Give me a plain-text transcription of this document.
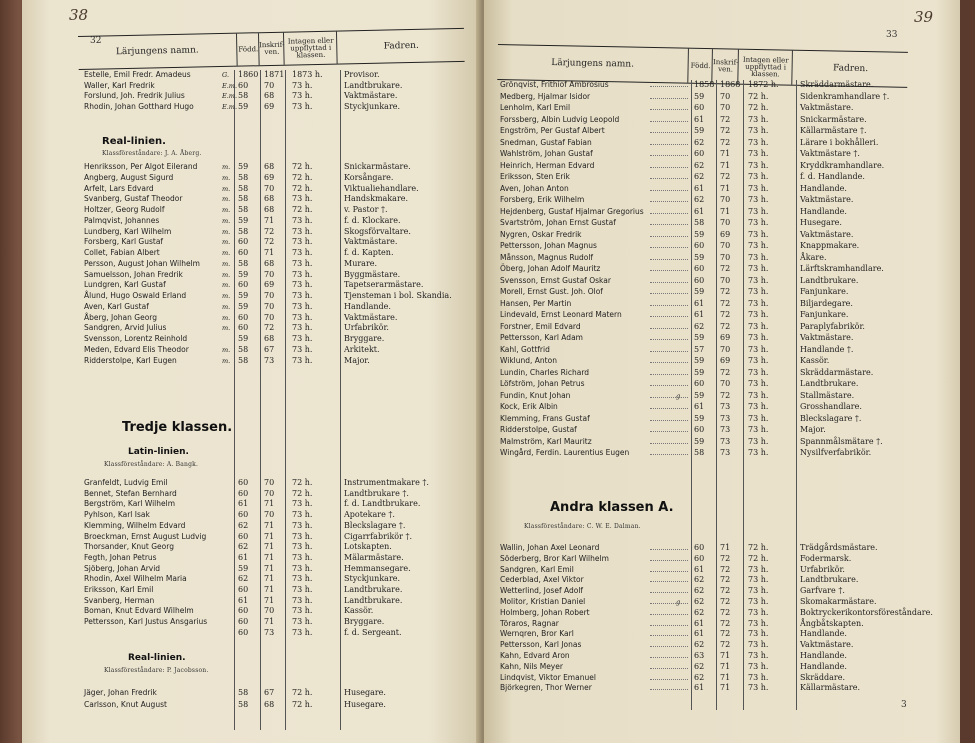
38
32
Lärjungens namn.	Född. Inskrif-ven.
Intagen eller uppflyttad i klassen.
Fadren.
Estelle, Emil Fredr. Amadeus	G. 1860 1871 1873 h.	Provisor.
Waller, Karl Fredrik	E.m. 60 70 73 h.	Landtbrukare.
Forslund, Joh. Fredrik Julius	E.m. 58 68 73 h.	Vaktmästare.
Rhodin, Johan Gotthard Hugo	E.m. 59 69 73 h.	Styckjunkare.
Real-linien.
Klassföreståndare: J. A. Åberg.
Henriksson, Per Algot Eilerand	m. 59 68 72 h.	Snickarmästare.
Angberg, August Sigurd	m. 58 69 72 h.	Korsångare.
Arfelt, Lars Edvard	m. 58 70 72 h.	Viktualiehandlare.
Svanberg, Gustaf Theodor	m. 58 68 73 h.	Handskmakare.
Holtzer, Georg Rudolf	m. 58 68 72 h.	v. Pastor †.
Palmqvist, Johannes	m. 59 71 73 h.	f. d. Klockare.
Lundberg, Karl Wilhelm	m. 58 72 73 h.	Skogsförvaltare.
Forsberg, Karl Gustaf	m. 60 72 73 h.	Vaktmästare.
Collet, Fabian Albert	m. 60 71 73 h.	f. d. Kapten.
Persson, August Johan Wilhelm	m. 58 68 73 h.	Murare.
Samuelsson, Johan Fredrik	m. 59 70 73 h.	Byggmästare.
Lundgren, Karl Gustaf	m. 60 69 73 h.	Tapetserarmästare.
Ålund, Hugo Oswald Erland	m. 59 70 73 h.	Tjensteman i bol. Skandia.
Aven, Karl Gustaf	m. 59 70 73 h.	Handlande.
Åberg, Johan Georg	m. 60 70 73 h.	Vaktmästare.
Sandgren, Arvid Julius	m. 60 72 73 h.	Urfabrikör.
Svensson, Lorentz Reinhold	59 68 73 h.	Bryggare.
Meden, Edvard Elis Theodor	m. 58 67 73 h.	Arkitekt.
Ridderstolpe, Karl Eugen	m. 58 73 73 h.	Major.
Tredje klassen.
Latin-linien.
Klassföreståndare: A. Bangk.
Granfeldt, Ludvig Emil	60 70 72 h.	Instrumentmakare †.
Bennet, Stefan Bernhard	60 70 72 h.	Landtbrukare †.
Bergström, Karl Wilhelm	61 71 73 h.	f. d. Landtbrukare.
Pyhlson, Karl Isak	60 70 73 h.	Apotekare †.
Klemming, Wilhelm Edvard	62 71 73 h.	Bleckslagare †.
Broeckman, Ernst August Ludvig	60 71 73 h.	Cigarrfabrikör †.
Thorsander, Knut Georg	62 71 73 h.	Lotskapten.
Fegth, Johan Petrus	61 71 73 h.	Mälarmästare.
Sjöberg, Johan Arvid	59 71 73 h.	Hemmansegare.
Rhodin, Axel Wilhelm Maria	62 71 73 h.	Styckjunkare.
Eriksson, Karl Emil	60 71 73 h.	Landtbrukare.
Svanberg, Herman	61 71 73 h.	Landtbrukare.
Boman, Knut Edvard Wilhelm	60 70 73 h.	Kassör.
Pettersson, Karl Justus Ansgarius	60 71 73 h.	Bryggare.
60 73 73 h.	f. d. Sergeant.
Real-linien.
Klassföreståndare: P. Jacobsson.
Jäger, Johan Fredrik	58 67 72 h.	Husegare.
Carlsson, Knut August	58 68 72 h.	Husegare.
39
33
Lärjungens namn.	Född. Inskrif-ven.
Intagen eller uppflyttad i klassen.
Fadren.
Grönqvist, Frithiof Ambrosius	1858 1868 1872 h.	Skräddarmästare.
Medberg, Hjalmar Isidor	59 70 72 h.	Sidenkramhandlare †.
Lenholm, Karl Emil	60 70 72 h.	Vaktmästare.
Forssberg, Albin Ludvig Leopold	61 72 73 h.	Snickarmästare.
Engström, Per Gustaf Albert	59 72 73 h.	Källarmästare †.
Snedman, Gustaf Fabian	62 72 73 h.	Lärare i bokhålleri.
Wahlström, Johan Gustaf	60 71 73 h.	Vaktmästare †.
Heinrich, Herman Edvard	62 71 73 h.	Kryddkramhandlare.
Eriksson, Sten Erik	62 72 73 h.	f. d. Handlande.
Aven, Johan Anton	61 71 73 h.	Handlande.
Forsberg, Erik Wilhelm	62 70 73 h.	Vaktmästare.
Hejdenberg, Gustaf Hjalmar Gregorius	61 71 73 h.	Handlande.
Svartström, Johan Ernst Gustaf	58 70 73 h.	Husegare.
Nygren, Oskar Fredrik	59 69 73 h.	Vaktmästare.
Pettersson, Johan Magnus	60 70 73 h.	Knappmakare.
Månsson, Magnus Rudolf	59 70 73 h.	Åkare.
Öberg, Johan Adolf Mauritz	60 72 73 h.	Lärftskramhandlare.
Svensson, Ernst Gustaf Oskar	60 70 73 h.	Landtbrukare.
Morell, Ernst Gust. Joh. Olof	59 72 73 h.	Fanjunkare.
Hansen, Per Martin	61 72 73 h.	Biljardegare.
Lindevald, Ernst Leonard Matern	61 72 73 h.	Fanjunkare.
Forstner, Emil Edvard	62 72 73 h.	Paraplyfabrikör.
Pettersson, Karl Adam	59 69 73 h.	Vaktmästare.
Kahl, Gottfrid	57 70 73 h.	Handlande †.
Wiklund, Anton	59 69 73 h.	Kassör.
Lundin, Charles Richard	59 72 73 h.	Skräddarmästare.
Löfström, Johan Petrus	60 70 73 h.	Landtbrukare.
Fundin, Knut Johan	g. 59 72 73 h.	Stallmästare.
Kock, Erik Albin	61 73 73 h.	Grosshandlare.
Klemming, Frans Gustaf	59 73 73 h.	Bleckslagare †.
Ridderstolpe, Gustaf	60 73 73 h.	Major.
Malmström, Karl Mauritz	59 73 73 h.	Spannmålsmätare †.
Wingård, Ferdin. Laurentius Eugen	58 73 73 h.	Nysilfverfabrikör.
Andra klassen A.
Klassföreståndare: C. W. E. Dalman.
Wallin, Johan Axel Leonard	60 71 72 h.	Trädgårdsmästare.
Söderberg, Bror Karl Wilhelm	60 72 72 h.	Fodermarsk.
Sandgren, Karl Emil	61 72 73 h.	Urfabrikör.
Cederblad, Axel Viktor	62 72 73 h.	Landtbrukare.
Wetterlind, Josef Adolf	62 72 73 h.	Garfvare †.
Molitor, Kristian Daniel	g. 62 72 73 h.	Skomakarmästare.
Holmberg, Johan Robert	62 72 73 h.	Boktryckerikontorsföreståndare.
Töraros, Ragnar	61 72 73 h.	Ångbåtskapten.
Wernqren, Bror Karl	61 72 73 h.	Handlande.
Pettersson, Karl Jonas	62 72 73 h.	Vaktmästare.
Kahn, Edvard Aron	63 71 73 h.	Handlande.
Kahn, Nils Meyer	62 71 73 h.	Handlande.
Lindqvist, Viktor Emanuel	62 71 73 h.	Skräddare.
Björkegren, Thor Werner	61 71 73 h.	Källarmästare.
3
